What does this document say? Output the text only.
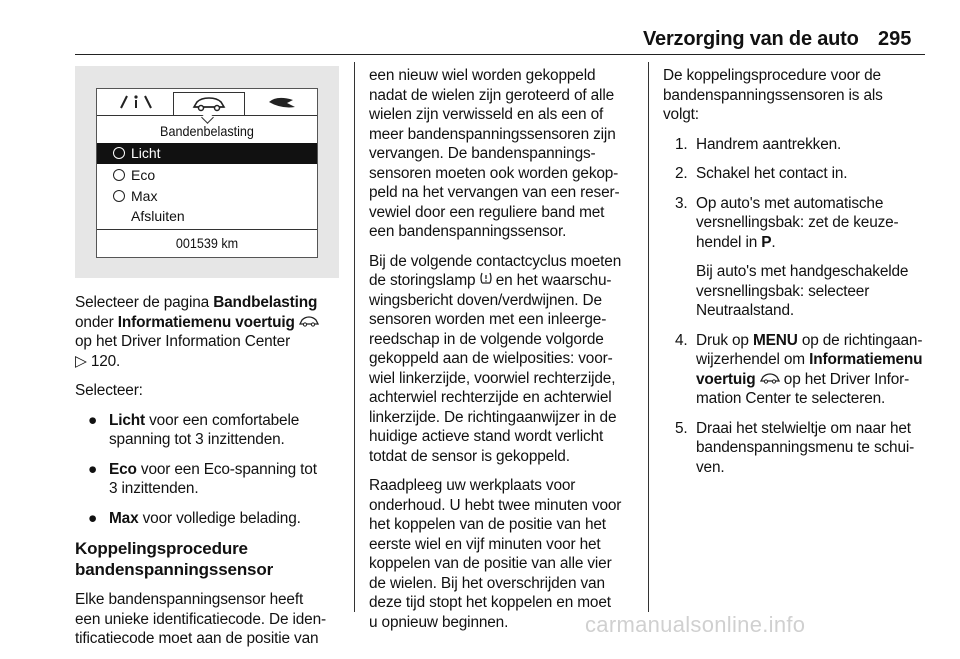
Verzorging van de auto 295
Bandenbelasting
Licht
Eco
Max
Afsluiten
001539 km

Selecteer de pagina Bandbelasting
onder Informatiemenu voertuig
op het Driver Information Center
▷ 120.

Selecteer:

● Licht voor een comfortabele
spanning tot 3 inzittenden.
● Eco voor een Eco-spanning tot
3 inzittenden.
● Max voor volledige belading.
Koppelingsprocedure
bandenspanningssensor

Elke bandenspanningsensor heeft
een unieke identificatiecode. De iden-
tificatiecode moet aan de positie van

een nieuw wiel worden gekoppeld
nadat de wielen zijn geroteerd of alle
wielen zijn verwisseld en als een of
meer bandenspanningssensoren zijn
vervangen. De bandenspannings-
sensoren moeten ook worden gekop-
peld na het vervangen van een reser-
vewiel door een reguliere band met
een bandenspanningssensor.

Bij de volgende contactcyclus moeten
de storingslamp en het waarschu-
wingsbericht doven/verdwijnen. De
sensoren worden met een inleerge-
reedschap in de volgende volgorde
gekoppeld aan de wielposities: voor-
wiel linkerzijde, voorwiel rechterzijde,
achterwiel rechterzijde en achterwiel
linkerzijde. De richtingaanwijzer in de
huidige actieve stand wordt verlicht
totdat de sensor is gekoppeld.

Raadpleeg uw werkplaats voor
onderhoud. U hebt twee minuten voor
het koppelen van de positie van het
eerste wiel en vijf minuten voor het
koppelen van de positie van alle vier
de wielen. Bij het overschrijden van
deze tijd stopt het koppelen en moet
u opnieuw beginnen.

De koppelingsprocedure voor de
bandenspanningssensoren is als
volgt:

1. Handrem aantrekken.
2. Schakel het contact in.
3. Op auto's met automatische
versnellingsbak: zet de keuze-
hendel in P.

Bij auto's met handgeschakelde
versnellingsbak: selecteer
Neutraalstand.

4. Druk op MENU op de richtingaan-
wijzerhendel om Informatiemenu
voertuig  op het Driver Infor-
mation Center te selecteren.
5. Draai het stelwieltje om naar het
bandenspanningsmenu te schui-
ven.
carmanualsonline.info
